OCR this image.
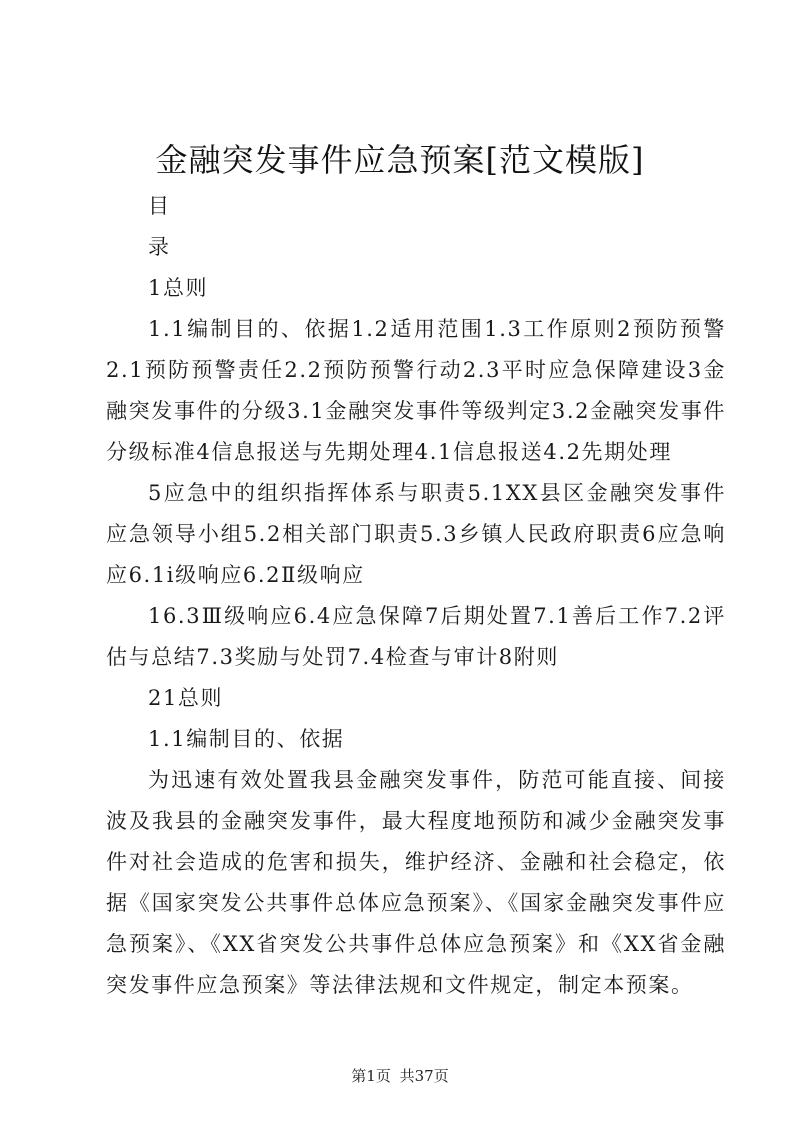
金融突发事件应急预案[范文模版]

目

录

1总则

1.1编制目的、依据1.2适用范围1.3工作原则2预防预警2.1预防预警责任2.2预防预警行动2.3平时应急保障建设3金融突发事件的分级3.1金融突发事件等级判定3.2金融突发事件分级标准4信息报送与先期处理4.1信息报送4.2先期处理

5应急中的组织指挥体系与职责5.1XX县区金融突发事件应急领导小组5.2相关部门职责5.3乡镇人民政府职责6应急响应6.1i级响应6.2Ⅱ级响应

16.3Ⅲ级响应6.4应急保障7后期处置7.1善后工作7.2评估与总结7.3奖励与处罚7.4检查与审计8附则

21总则

1.1编制目的、依据

为迅速有效处置我县金融突发事件，防范可能直接、间接波及我县的金融突发事件，最大程度地预防和减少金融突发事件对社会造成的危害和损失，维护经济、金融和社会稳定，依据《国家突发公共事件总体应急预案》、《国家金融突发事件应急预案》、《XX省突发公共事件总体应急预案》和《XX省金融突发事件应急预案》等法律法规和文件规定，制定本预案。

第1页 共37页
